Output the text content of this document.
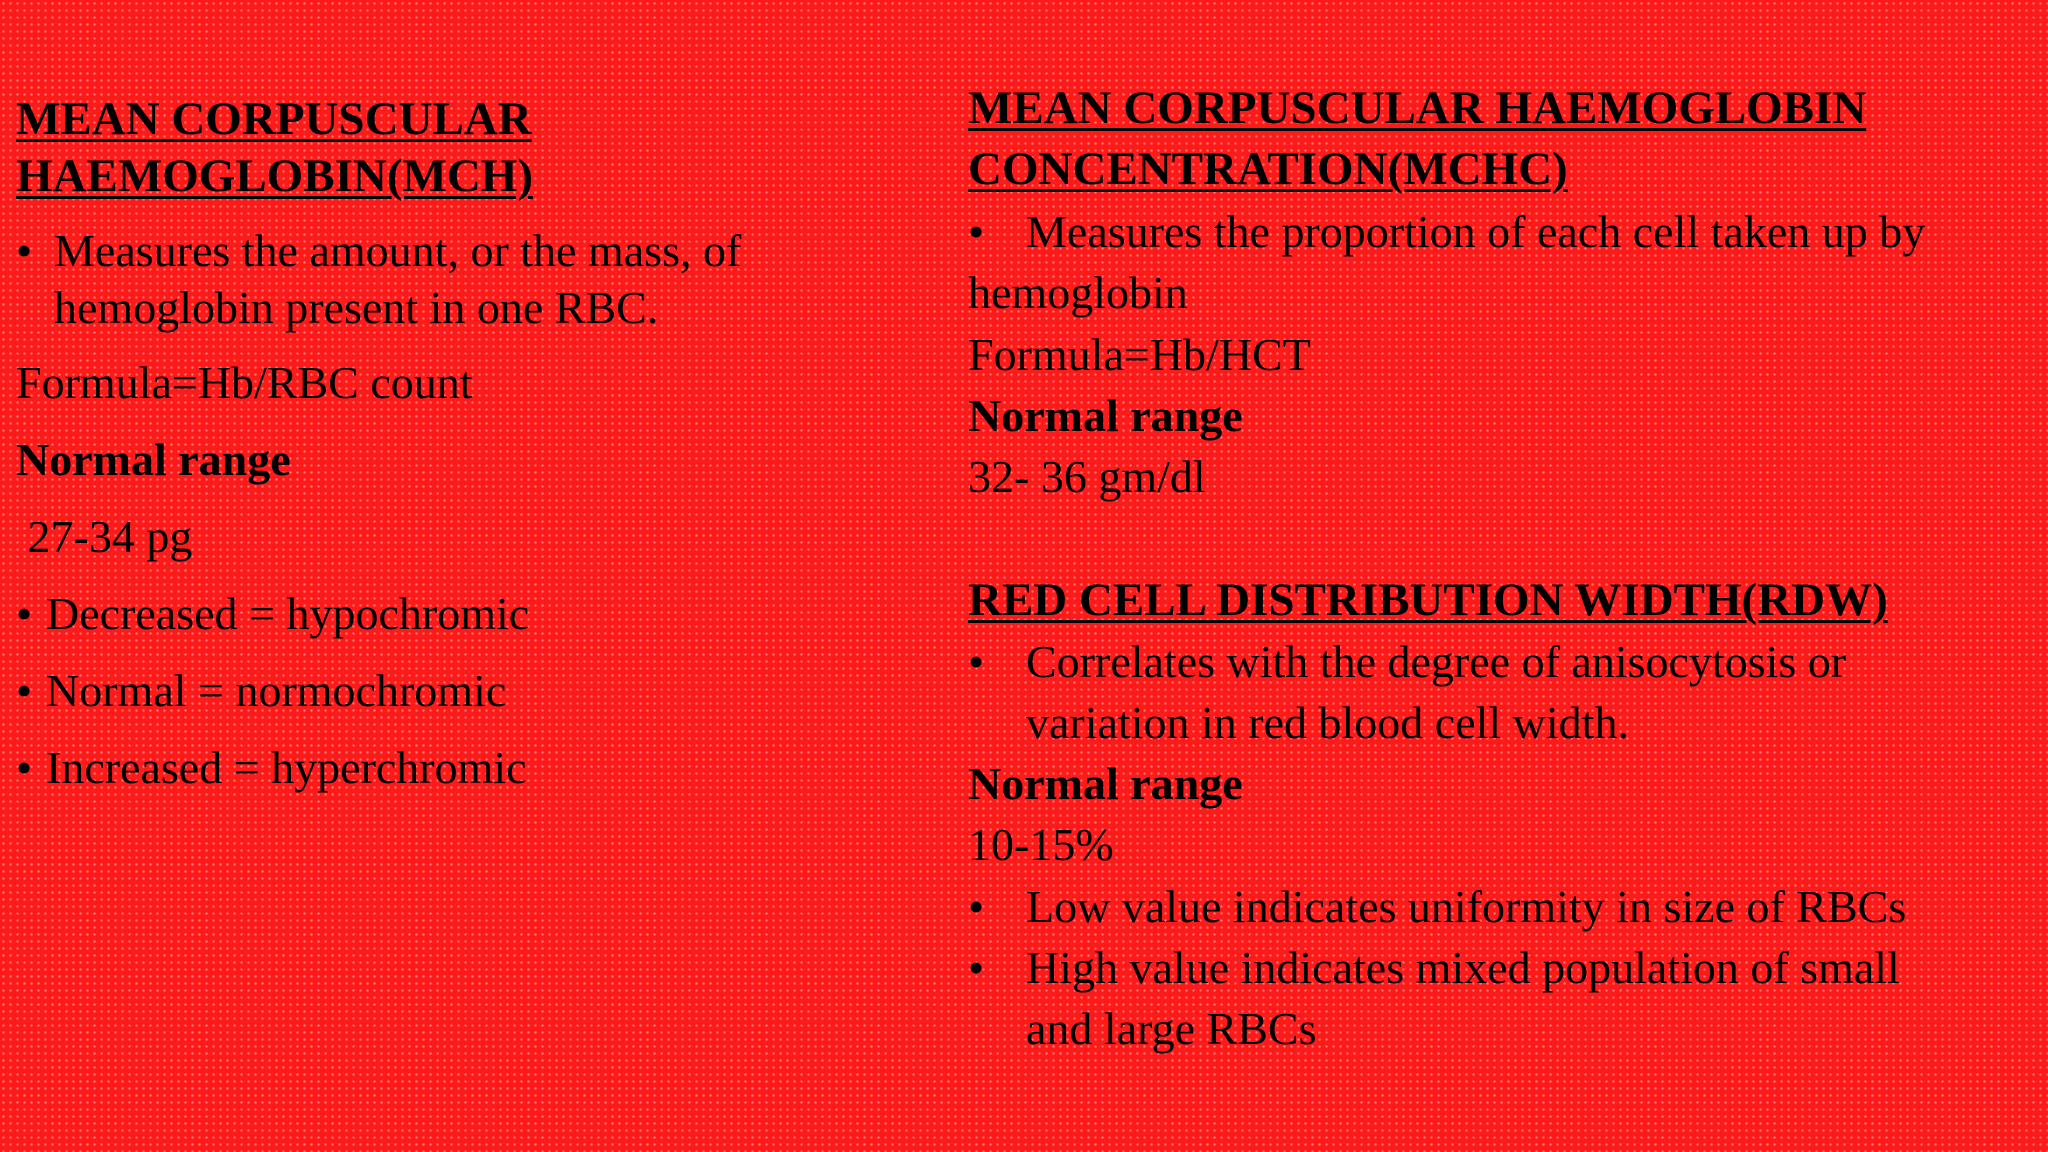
MEAN CORPUSCULAR

HAEMOGLOBIN(MCH)

• Measures the amount, or the mass, of
hemoglobin present in one RBC.

Formula=Hb/RBC count

Normal range

27-34 pg

• Decreased = hypochromic
• Normal = normochromic
• Increased = hyperchromic

MEAN CORPUSCULAR HAEMOGLOBIN

CONCENTRATION(MCHC)

• Measures the proportion of each cell taken up by
hemoglobin

Formula=Hb/HCT

Normal range

32- 36 gm/dl

RED CELL DISTRIBUTION WIDTH(RDW)

• Correlates with the degree of anisocytosis or
variation in red blood cell width.

Normal range

10-15%

• Low value indicates uniformity in size of RBCs
• High value indicates mixed population of small
and large RBCs
